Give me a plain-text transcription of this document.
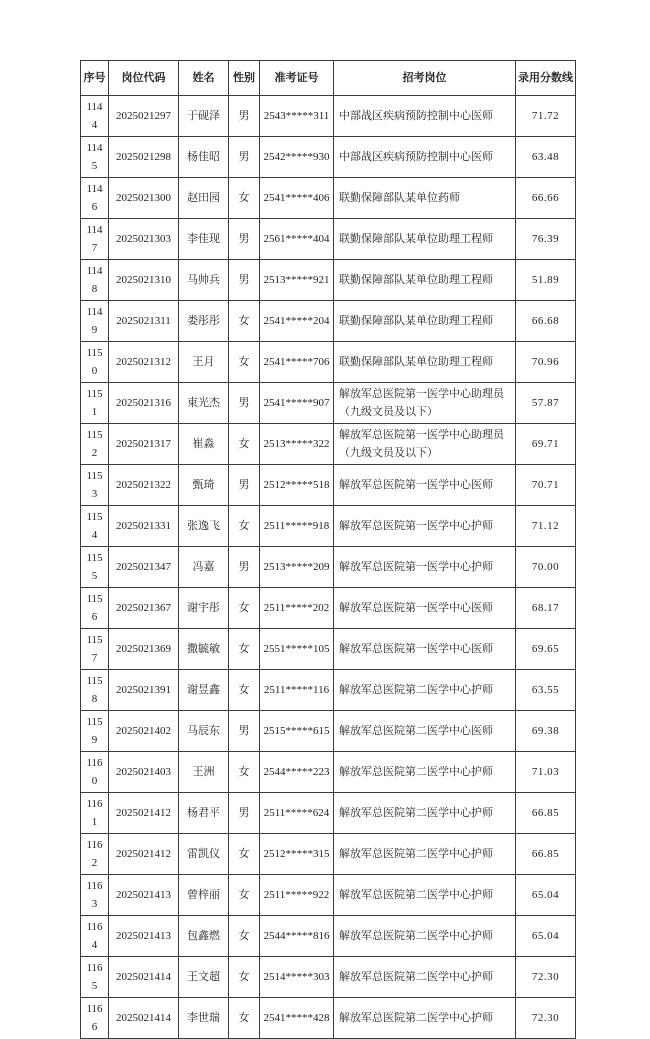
序号	岗位代码	姓名	性别	准考证号	招考岗位	录用分数线
1144	2025021297	于砚泽	男	2543*****311	中部战区疾病预防控制中心医师	71.72
1145	2025021298	杨佳昭	男	2542*****930	中部战区疾病预防控制中心医师	63.48
1146	2025021300	赵田园	女	2541*****406	联勤保障部队某单位药师	66.66
1147	2025021303	李佳现	男	2561*****404	联勤保障部队某单位助理工程师	76.39
1148	2025021310	马帅兵	男	2513*****921	联勤保障部队某单位助理工程师	51.89
1149	2025021311	娄彤彤	女	2541*****204	联勤保障部队某单位助理工程师	66.68
1150	2025021312	王月	女	2541*****706	联勤保障部队某单位助理工程师	70.96
1151	2025021316	束光杰	男	2541*****907	解放军总医院第一医学中心助理员（九级文员及以下）	57.87
1152	2025021317	崔淼	女	2513*****322	解放军总医院第一医学中心助理员（九级文员及以下）	69.71
1153	2025021322	甄琦	男	2512*****518	解放军总医院第一医学中心医师	70.71
1154	2025021331	张逸飞	女	2511*****918	解放军总医院第一医学中心护师	71.12
1155	2025021347	冯嘉	男	2513*****209	解放军总医院第一医学中心护师	70.00
1156	2025021367	谢宇彤	女	2511*****202	解放军总医院第一医学中心医师	68.17
1157	2025021369	撒毓敏	女	2551*****105	解放军总医院第一医学中心医师	69.65
1158	2025021391	谢昱鑫	女	2511*****116	解放军总医院第二医学中心护师	63.55
1159	2025021402	马辰东	男	2515*****615	解放军总医院第二医学中心医师	69.38
1160	2025021403	王洲	女	2544*****223	解放军总医院第二医学中心护师	71.03
1161	2025021412	杨君平	男	2511*****624	解放军总医院第二医学中心护师	66.85
1162	2025021412	雷凯仪	女	2512*****315	解放军总医院第二医学中心护师	66.85
1163	2025021413	曾梓丽	女	2511*****922	解放军总医院第二医学中心护师	65.04
1164	2025021413	包鑫燃	女	2544*****816	解放军总医院第二医学中心护师	65.04
1165	2025021414	王文超	女	2514*****303	解放军总医院第二医学中心护师	72.30
1166	2025021414	李世瑞	女	2541*****428	解放军总医院第二医学中心护师	72.30
